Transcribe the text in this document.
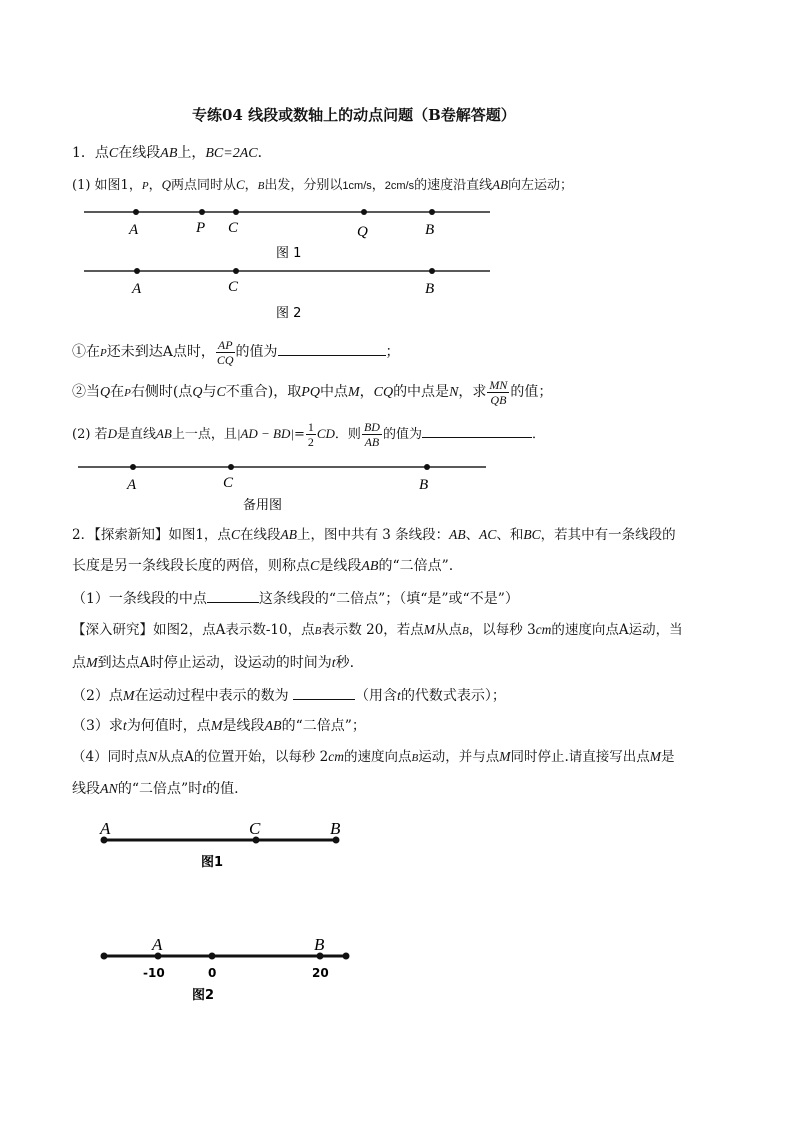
专练04 线段或数轴上的动点问题（B卷解答题）
1．点C在线段AB上，BC=2AC．
(1) 如图1，P，Q两点同时从C，B出发，分别以1cm/s，2cm/s的速度沿直线AB向左运动；
A	P C	Q	B
图 1
A	C	B
图 2
A	C	B
备用图
①在P还未到达A点时， $\frac{AP}{CQ}$ 的值为	；
②当Q在P右侧时(点Q与C不重合)，取PQ中点M，CQ的中点是N，求 $\frac{MN}{QB}$ 的值；
(2) 若D是直线AB上一点，且$|AD - BD|= \frac{1}{2}$ CD．则 $\frac{BD}{AB}$ 的值为	．
2．【探索新知】如图1，点C在线段AB上，图中共有 3 条线段：AB、AC、和BC，若其中有一条线段的
长度是另一条线段长度的两倍，则称点C是线段AB的“二倍点”.
（1）一条线段的中点	这条线段的“二倍点”；（填“是”或“不是”）
【深入研究】如图2，点A表示数-10，点B表示数 20，若点M从点B，以每秒 3cm的速度向点A运动，当
点M到达点A时停止运动，设运动的时间为t秒.
（2）点M在运动过程中表示的数为	（用含t的代数式表示）；
（3）求t为何值时，点M是线段AB的“二倍点”；
（4）同时点N从点A的位置开始，以每秒 2cm的速度向点B运动，并与点M同时停止.请直接写出点M是
线段AN的“二倍点”时t的值.
A	C	B
图1
A	B
-10	0	20
图2
